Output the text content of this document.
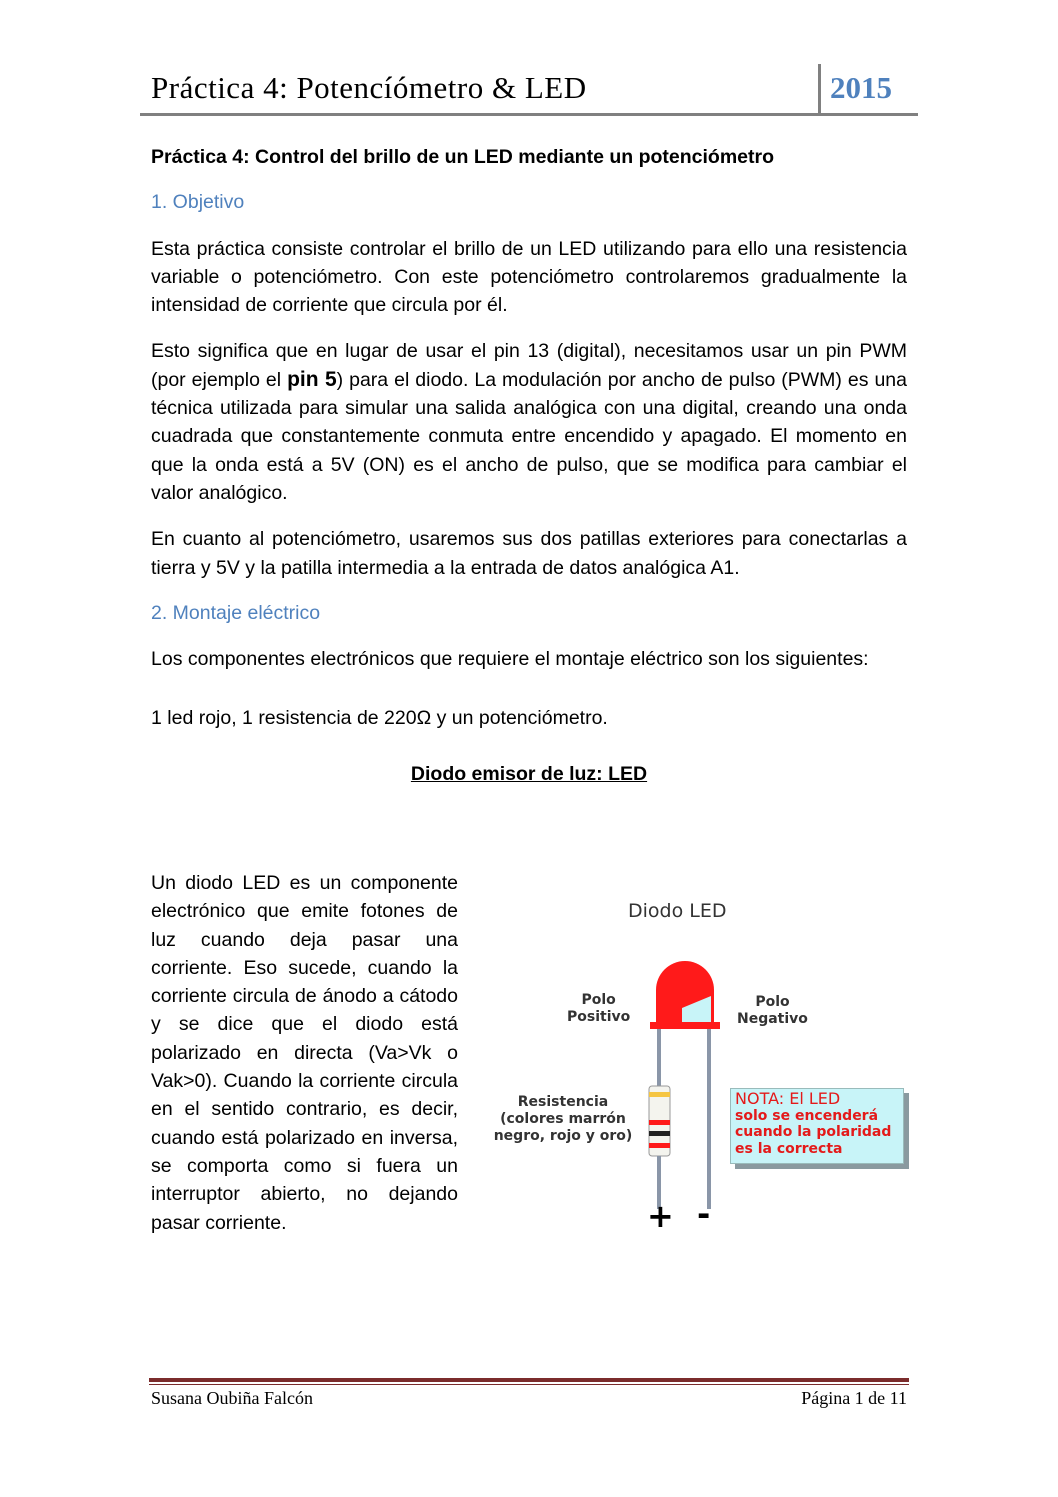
Práctica 4: Potencíómetro & LED	2015

Práctica 4: Control del brillo de un LED mediante un potenciómetro

1. Objetivo

Esta práctica consiste controlar el brillo de un LED utilizando para ello una resistencia variable o potenciómetro. Con este potenciómetro controlaremos gradualmente la intensidad de corriente que circula por él.

Esto significa que en lugar de usar el pin 13 (digital), necesitamos usar un pin PWM (por ejemplo el pin 5) para el diodo. La modulación por ancho de pulso (PWM) es una técnica utilizada para simular una salida analógica con una digital, creando una onda cuadrada que constantemente conmuta entre encendido y apagado. El momento en que la onda está a 5V (ON) es el ancho de pulso, que se modifica para cambiar el valor analógico.

En cuanto al potenciómetro, usaremos sus dos patillas exteriores para conectarlas a tierra y 5V y la patilla intermedia a la entrada de datos analógica A1.

2. Montaje eléctrico

Los componentes electrónicos que requiere el montaje eléctrico son los siguientes:

1 led rojo, 1 resistencia de 220Ω y un potenciómetro.

Diodo emisor de luz: LED

Un diodo LED es un componente electrónico que emite fotones de luz cuando deja pasar una corriente. Eso sucede, cuando la corriente circula de ánodo a cátodo y se dice que el diodo está polarizado en directa (Va>Vk o Vak>0). Cuando la corriente circula en el sentido contrario, es decir, cuando está polarizado en inversa, se comporta como si fuera un interruptor abierto, no dejando pasar corriente.
Diodo LED
Polo
Positivo
Polo
Negativo
Resistencia
(colores marrón
negro, rojo y oro)
NOTA: El LED
solo se encenderá
cuando la polaridad
es la correcta
+ -
Susana Oubiña Falcón	Página 1 de 11
